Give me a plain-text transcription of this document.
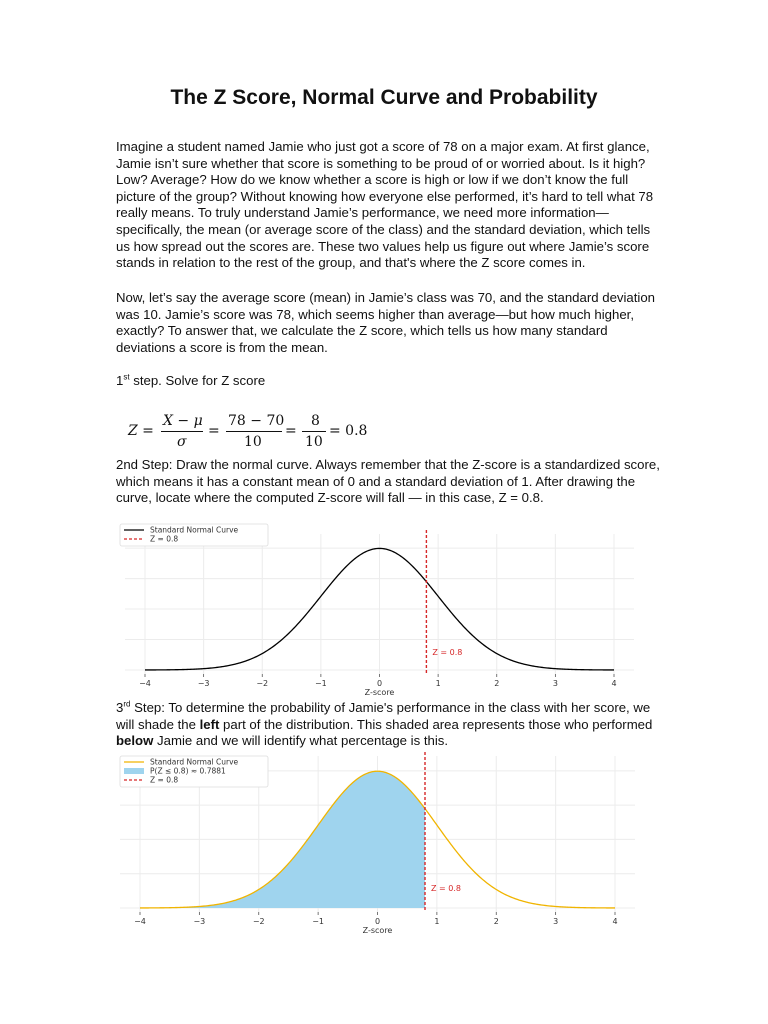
The Z Score, Normal Curve and Probability

Imagine a student named Jamie who just got a score of 78 on a major exam. At first glance, Jamie isn’t sure whether that score is something to be proud of or worried about. Is it high? Low? Average? How do we know whether a score is high or low if we don’t know the full picture of the group? Without knowing how everyone else performed, it’s hard to tell what 78 really means. To truly understand Jamie’s performance, we need more information—specifically, the mean (or average score of the class) and the standard deviation, which tells us how spread out the scores are. These two values help us figure out where Jamie’s score stands in relation to the rest of the group, and that's where the Z score comes in.

Now, let’s say the average score (mean) in Jamie’s class was 70, and the standard deviation was 10. Jamie’s score was 78, which seems higher than average—but how much higher, exactly? To answer that, we calculate the Z score, which tells us how many standard deviations a score is from the mean.

1st step. Solve for Z score

Z =
X − μ
σ
=
78 − 70
10
=
8
10
= 0.8

2nd Step: Draw the normal curve. Always remember that the Z-score is a standardized score, which means it has a constant mean of 0 and a standard deviation of 1. After drawing the curve, locate where the computed Z-score will fall — in this case, Z = 0.8.

Z = 0.8
−4	−3	−2	−1	0	1	2	3	4
Z-score
Standard Normal Curve
Z = 0.8

3rd Step: To determine the probability of Jamie's performance in the class with her score, we will shade the left part of the distribution. This shaded area represents those who performed below Jamie and we will identify what percentage is this.

Z = 0.8
−4	−3	−2	−1	0	1	2	3	4
Z-score
Standard Normal Curve
P(Z ≤ 0.8) ≈ 0.7881
Z = 0.8
